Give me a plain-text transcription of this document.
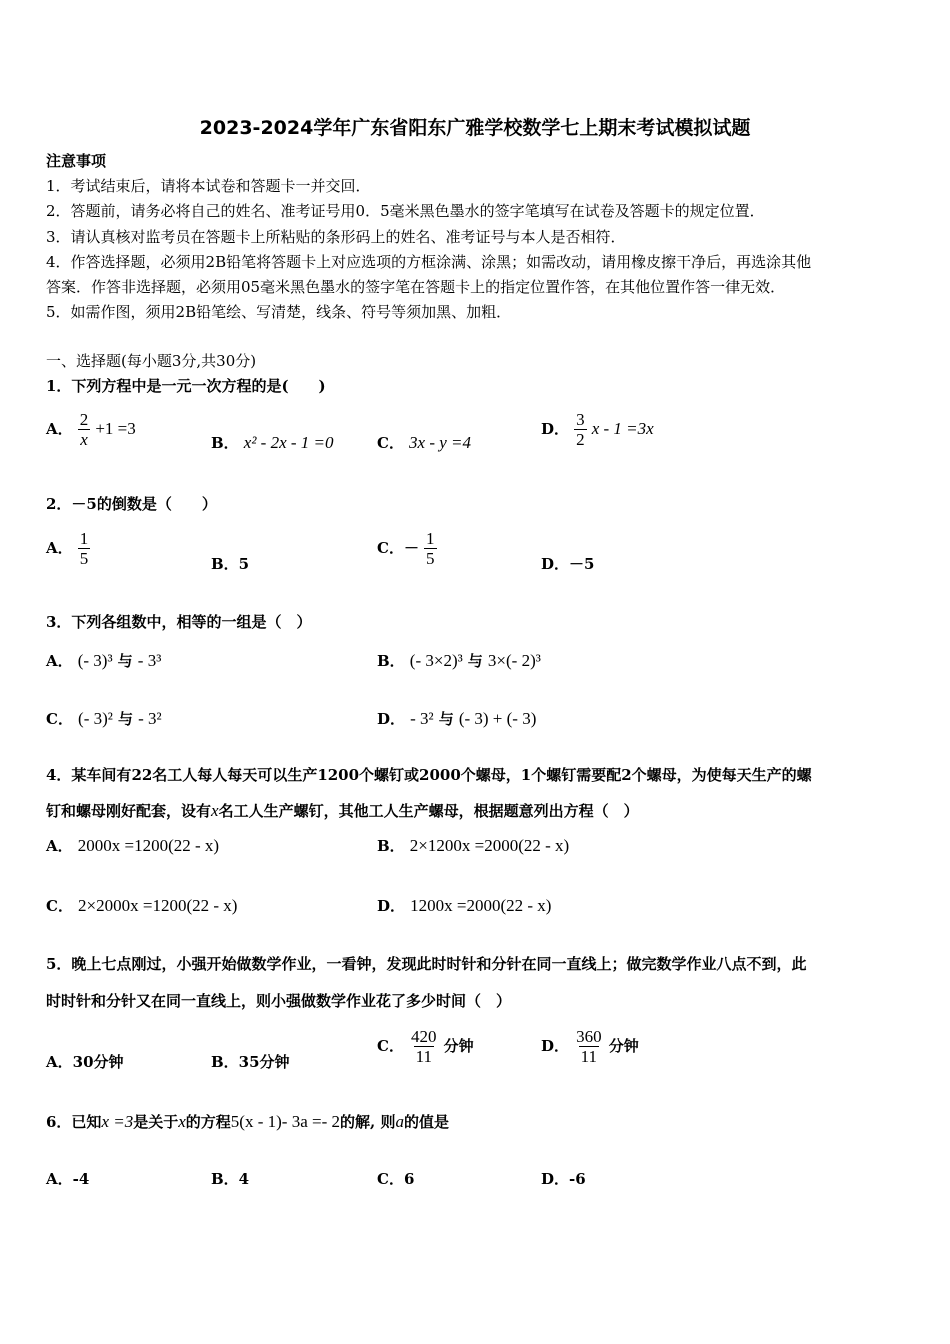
2023-2024学年广东省阳东广雅学校数学七上期末考试模拟试题
注意事项
1．考试结束后，请将本试卷和答题卡一并交回．
2．答题前，请务必将自己的姓名、准考证号用0．5毫米黑色墨水的签字笔填写在试卷及答题卡的规定位置．
3．请认真核对监考员在答题卡上所粘贴的条形码上的姓名、准考证号与本人是否相符．
4．作答选择题，必须用2B铅笔将答题卡上对应选项的方框涂满、涂黑；如需改动，请用橡皮擦干净后，再选涂其他
答案．作答非选择题，必须用05毫米黑色墨水的签字笔在答题卡上的指定位置作答，在其他位置作答一律无效．
5．如需作图，须用2B铅笔绘、写清楚，线条、符号等须加黑、加粗．
一、选择题(每小题3分,共30分)
1．下列方程中是一元一次方程的是(　　)
A． $\frac{2}{x} +1 =3$
B． x² - 2x - 1 =0	C． 3x - y =4
D． $\frac{3}{2}$ x - 1 =3x
2．－5的倒数是（　　）
A． $\frac{1}{5}$	B．5
C．－ $\frac{1}{5}$	D．－5
3．下列各组数中，相等的一组是（　）
A． (- 3)³ 与 - 3³	B． (- 3×2)³ 与 3×(- 2)³
C． (- 3)² 与 - 3²	D． - 3² 与 (- 3) + (- 3)
4．某车间有22名工人每人每天可以生产1200个螺钉或2000个螺母，1个螺钉需要配2个螺母，为使每天生产的螺
钉和螺母刚好配套，设有x名工人生产螺钉，其他工人生产螺母，根据题意列出方程（　）
A． 2000x =1200(22 - x)	B． 2×1200x =2000(22 - x)
C． 2×2000x =1200(22 - x)	D． 1200x =2000(22 - x)
5．晚上七点刚过，小强开始做数学作业，一看钟，发现此时时针和分针在同一直线上；做完数学作业八点不到，此
时时针和分针又在同一直线上，则小强做数学作业花了多少时间（　）
A．30分钟	B．35分钟
C． $\frac{420}{11}$ 分钟	D． $\frac{360}{11}$ 分钟
6．已知x =3是关于x的方程5(x - 1)- 3a =- 2的解, 则a的值是
A．-4	B．4	C．6	D．-6
